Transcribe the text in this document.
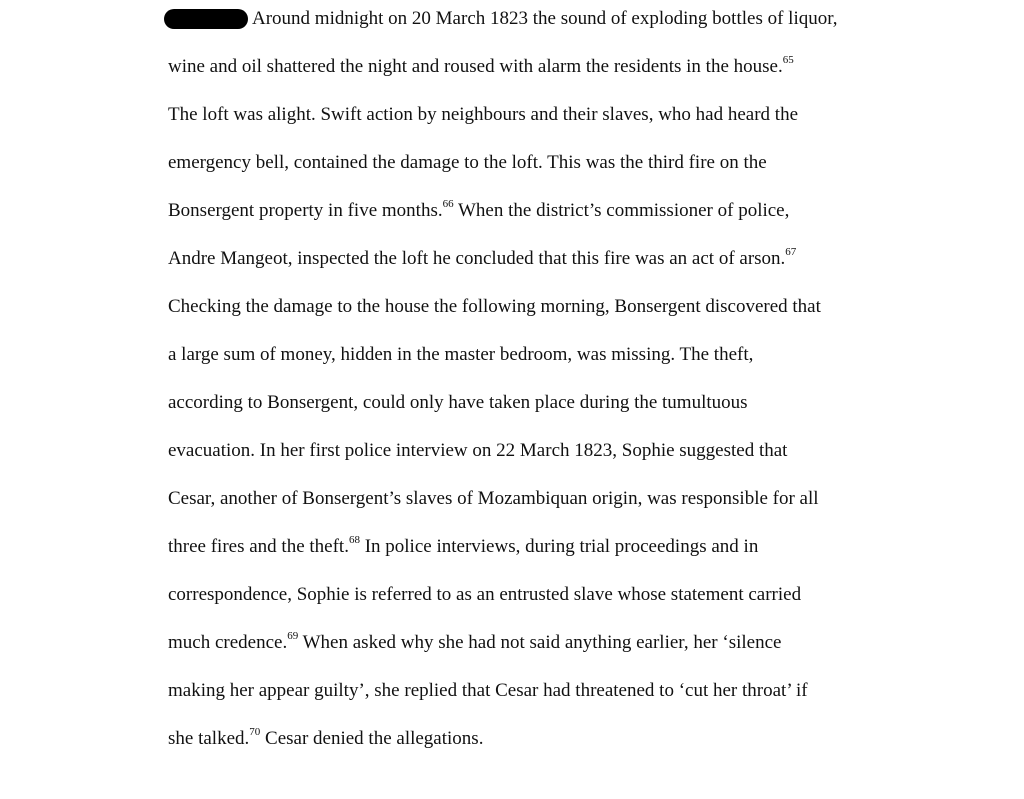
Around midnight on 20 March 1823 the sound of exploding bottles of liquor,
wine and oil shattered the night and roused with alarm the residents in the house.$^{65}$
The loft was alight. Swift action by neighbours and their slaves, who had heard the
emergency bell, contained the damage to the loft. This was the third fire on the
Bonsergent property in five months.$^{66}$ When the district’s commissioner of police,
Andre Mangeot, inspected the loft he concluded that this fire was an act of arson.$^{67}$
Checking the damage to the house the following morning, Bonsergent discovered that
a large sum of money, hidden in the master bedroom, was missing. The theft,
according to Bonsergent, could only have taken place during the tumultuous
evacuation. In her first police interview on 22 March 1823, Sophie suggested that
Cesar, another of Bonsergent’s slaves of Mozambiquan origin, was responsible for all
three fires and the theft.$^{68}$ In police interviews, during trial proceedings and in
correspondence, Sophie is referred to as an entrusted slave whose statement carried
much credence.$^{69}$ When asked why she had not said anything earlier, her ‘silence
making her appear guilty’, she replied that Cesar had threatened to ‘cut her throat’ if
she talked.$^{70}$ Cesar denied the allegations.
